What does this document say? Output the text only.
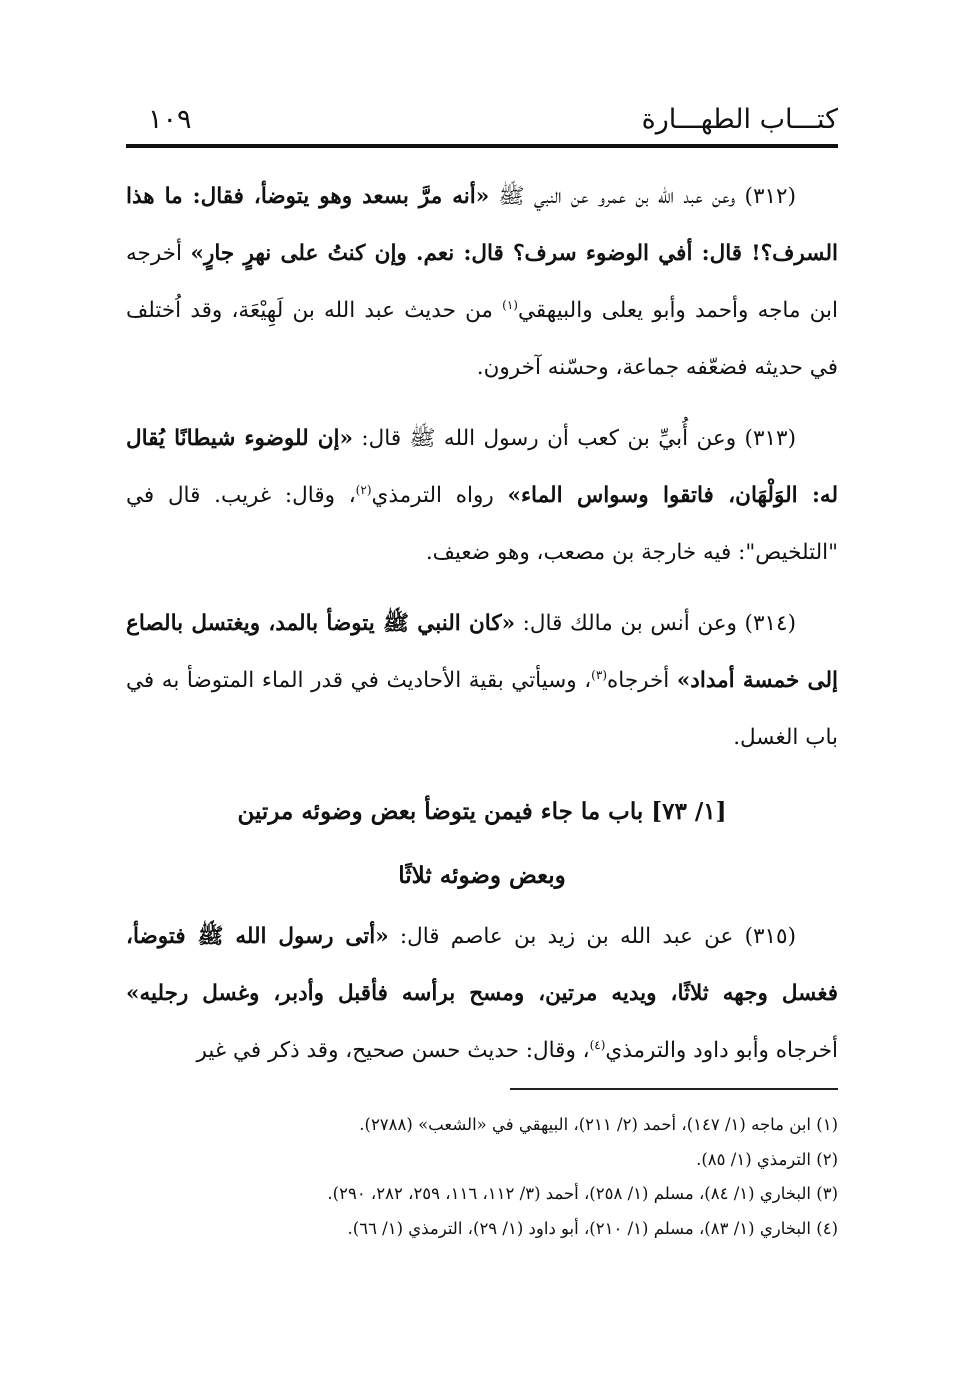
كتـــاب الطهـــارة
١٠٩

(٣١٢) وعن عبد الله بن عمرو عن النبي ﷺ «أنه مرَّ بسعد وهو يتوضأ، فقال: ما هذا السرف؟! قال: أفي الوضوء سرف؟ قال: نعم. وإن كنتُ على نهرٍ جارٍ» أخرجه ابن ماجه وأحمد وأبو يعلى والبيهقي$^{(١)}$ من حديث عبد الله بن لَهِيْعَة، وقد اُختلف في حديثه فضعّفه جماعة، وحسّنه آخرون.

(٣١٣) وعن أُبيِّ بن كعب أن رسول الله ﷺ قال: «إن للوضوء شيطانًا يُقال له: الوَلْهَان، فاتقوا وسواس الماء» رواه الترمذي$^{(٢)}$، وقال: غريب. قال في "التلخيص": فيه خارجة بن مصعب، وهو ضعيف.

(٣١٤) وعن أنس بن مالك قال: «كان النبي ﷺ يتوضأ بالمد، ويغتسل بالصاع إلى خمسة أمداد» أخرجاه$^{(٣)}$، وسيأتي بقية الأحاديث في قدر الماء المتوضأ به في باب الغسل.

[١/ ٧٣] باب ما جاء فيمن يتوضأ بعض وضوئه مرتين
وبعض وضوئه ثلاثًا

(٣١٥) عن عبد الله بن زيد بن عاصم قال: «أتى رسول الله ﷺ فتوضأ، فغسل وجهه ثلاثًا، ويديه مرتين، ومسح برأسه فأقبل وأدبر، وغسل رجليه» أخرجاه وأبو داود والترمذي$^{(٤)}$، وقال: حديث حسن صحيح، وقد ذكر في غير

(١) ابن ماجه (١/ ١٤٧)، أحمد (٢/ ٢١١)، البيهقي في «الشعب» (٢٧٨٨).

(٢) الترمذي (١/ ٨٥).

(٣) البخاري (١/ ٨٤)، مسلم (١/ ٢٥٨)، أحمد (٣/ ١١٢، ١١٦، ٢٥٩، ٢٨٢، ٢٩٠).

(٤) البخاري (١/ ٨٣)، مسلم (١/ ٢١٠)، أبو داود (١/ ٢٩)، الترمذي (١/ ٦٦).
